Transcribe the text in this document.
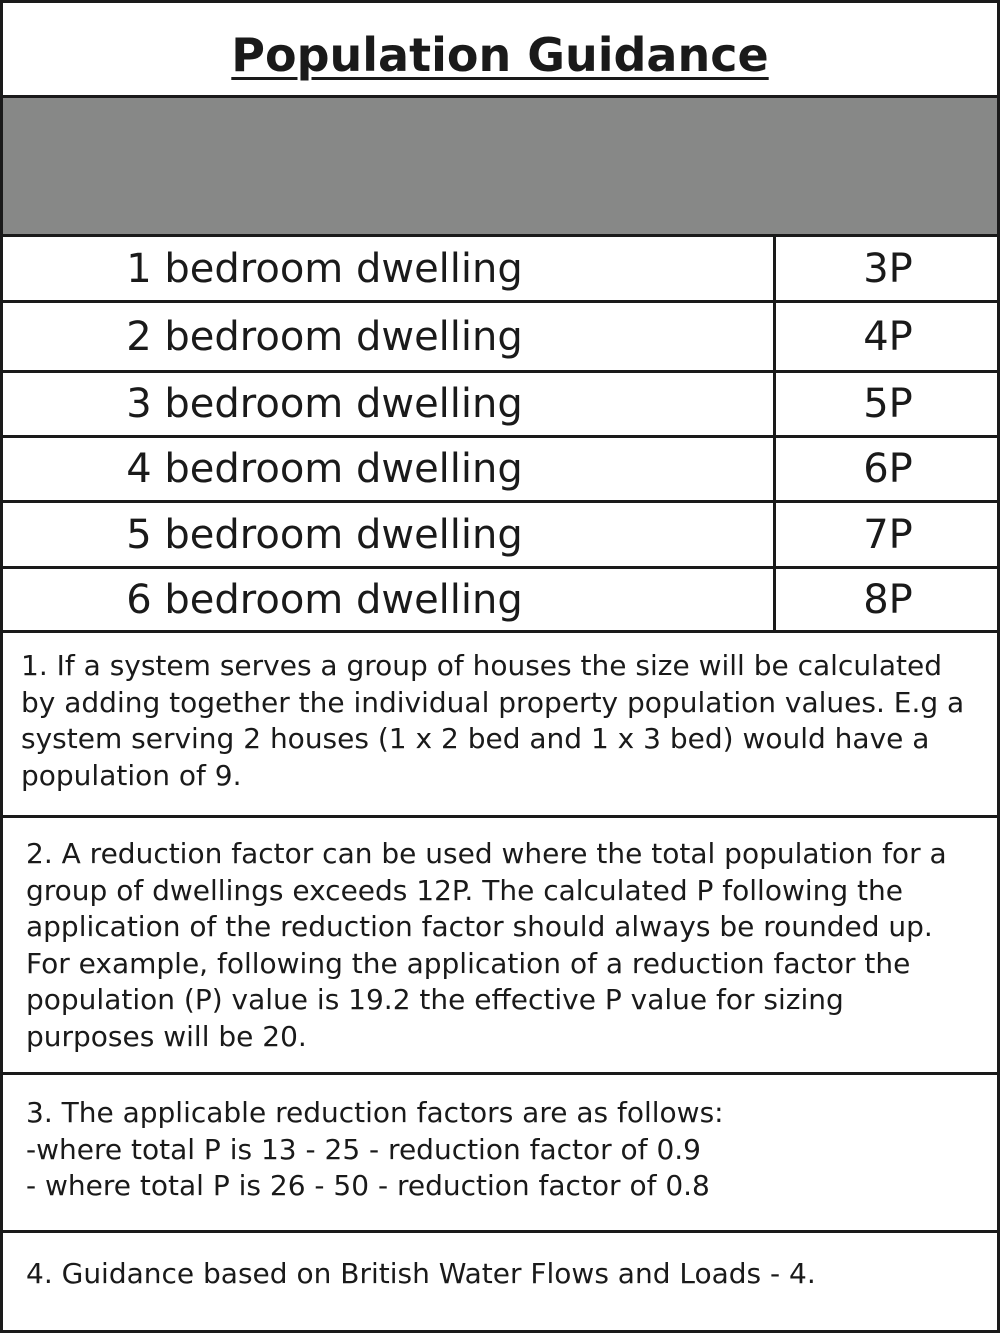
Population Guidance
1 bedroom dwelling	3P
2 bedroom dwelling	4P
3 bedroom dwelling	5P
4 bedroom dwelling	6P
5 bedroom dwelling	7P
6 bedroom dwelling	8P
1. If a system serves a group of houses the size will be calculated
by adding together the individual property population values. E.g a
system serving 2 houses (1 x 2 bed and 1 x 3 bed) would have a
population of 9.
2. A reduction factor can be used where the total population for a
group of dwellings exceeds 12P. The calculated P following the
application of the reduction factor should always be rounded up.
For example, following the application of a reduction factor the
population (P) value is 19.2 the effective P value for sizing
purposes will be 20.
3. The applicable reduction factors are as follows:
-where total P is 13 - 25 - reduction factor of 0.9
- where total P is 26 - 50 - reduction factor of 0.8
4. Guidance based on British Water Flows and Loads - 4.
